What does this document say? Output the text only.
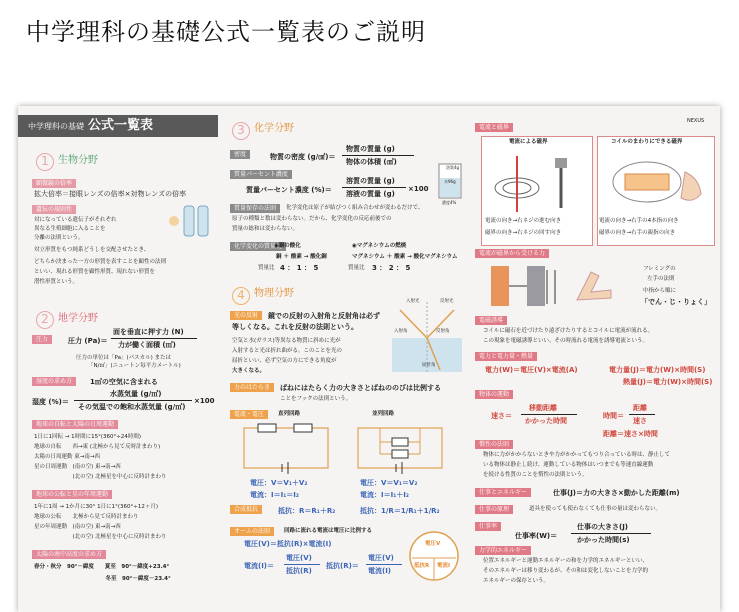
中学理科の基礎公式一覧表のご説明
中学理科の基礎 公式一覧表
1 生物分野
顕微鏡の倍率
拡大倍率＝接眼レンズの倍率×対物レンズの倍率
遺伝の規則性
対になっている遺伝子がそれぞれ
異なる生殖細胞に入ることを
分離の法則という。
対立形質をもつ純系どうしを交配させたとき、
どちらか決まった一方の形質を表すことを顕性の法則
といい、現れる形質を顕性形質、現れない形質を
潜性形質という。
2 地学分野
圧力	圧力 (Pa)＝
面を垂直に押す力 (N)
力が働く面積 (㎡)
圧力の単位は「Pa」(パスカル) または
「N/㎡」(ニュートン毎平方メートル)
湿度の求め方	1㎥の空気に含まれる
湿度 (%)＝
水蒸気量 (g/㎥)
その気温での飽和水蒸気量 (g/㎥)
×100
地球の自転と太陽の日周運動
1日に1回転 → 1時間に15°(360°÷24時間)
地球の自転　　西→東 (北極から見て反時計まわり)
太陽の日周運動 東→南→西
星の日周運動　(南の空) 東→南→西
　　　　　　　(北の空) 北極星を中心に反時計まわり
地球の公転と星の年周運動
1年に1周 → 1か月に30° 1日に1°(360°÷12ヶ月)
地球の公転　　北極から見て反時計まわり
星の年周運動　(南の空) 東→南→西
　　　　　　　(北の空) 北極星を中心に反時計まわり
太陽の南中高度の求め方
春分・秋分　90°－緯度　　夏至　90°－緯度+23.4°
　　　　　　　　　　　　　冬至　90°－緯度－23.4°
3 化学分野
密度	物質の密度 (g/㎤)＝
物質の質量 (g)
物体の体積 (㎤)
質量パーセント濃度
質量パーセント濃度 (%)＝
溶質の質量 (g)
溶液の質量 (g)
×100
溶質4g
水96g
濃度4%
質量保存の法則	化学変化は原子が結びつく組み合わせが変わるだけで、
原子の種類と数は変わらない。だから、化学変化の反応前後での
質量の総和は変わらない。
化学変化の質量比
◉銅の酸化
銅 ＋ 酸素 → 酸化銅
質量比 4 ： 1 ： 5
◉マグネシウムの燃焼
マグネシウム ＋ 酸素 → 酸化マグネシウム
質量比 3 ： 2 ： 5
4 物理分野
光の反射	鏡での反射の入射角と反射角は必ず
等しくなる。これを反射の法則という。
空気と水(ガラス)等異なる物質に斜めに光が
入射すると光は折れ曲がる。このことを光の
屈折といい、必ず空気の方にできる角度が
大きくなる。
入射光	反射光
入射角	反射角
屈折角
力のはたらき	ばねにはたらく力の大きさとばねののびは比例する
ことをフックの法則という。
電流・電圧	直列回路	並列回路
電圧：V＝V₁＋V₂
電流：I＝I₁＝I₂
電圧：V＝V₁＝V₂
電流：I＝I₁＋I₂
合成抵抗	抵抗：R＝R₁＋R₂	抵抗：1/R＝1/R₁＋1/R₂
オームの法則	回路に流れる電流は電圧に比例する
電圧(V)＝抵抗(R)×電流(I)
電流(I)＝
電圧(V)
抵抗(R)
抵抗(R)＝
電圧(V)
電流(I)
電圧V
抵抗R 電流I
NEXUS
電流と磁界
電流による磁界	コイルのまわりにできる磁界
電流の向き→右ネジの進む向き
磁界の向き→右ネジの回す向き
電流の向き→右手の4本指の向き
磁界の向き→右手の親指の向き
電流が磁界から受ける力
フレミングの
左手の法則
中指から順に
「でん・じ・りょく」
電磁誘導
コイルに磁石を近づけたり遠ざけたりするとコイルに電流が流れる。
この現象を電磁誘導といい、その時流れる電流を誘導電流という。
電力と電力量・熱量
電力(W)＝電圧(V)×電流(A)	電力量(J)＝電力(W)×時間(S)
熱量(J)＝電力(W)×時間(S)
物体の運動
速さ＝
移動距離
かかった時間
時間＝
距離
速さ
距離＝速さ×時間
慣性の法則
物体に力がかからないときや力がかかってもつり合っている時は、静止して
いる物体は静止し続け、運動している物体はいつまでも等速直線運動
を続ける性質のことを慣性の法則という。
仕事とエネルギー	仕事(J)＝力の大きさ×動かした距離(m)
仕事の原理	道具を使っても使わなくても仕事の量は変わらない。
仕事率
仕事率(W)＝
仕事の大きさ(J)
かかった時間(s)
力学的エネルギー
位置エネルギーと運動エネルギーの和を力学的エネルギーといい、
そのエネルギーは移り変わるが、その和は変化しないことを力学的
エネルギーの保存という。
